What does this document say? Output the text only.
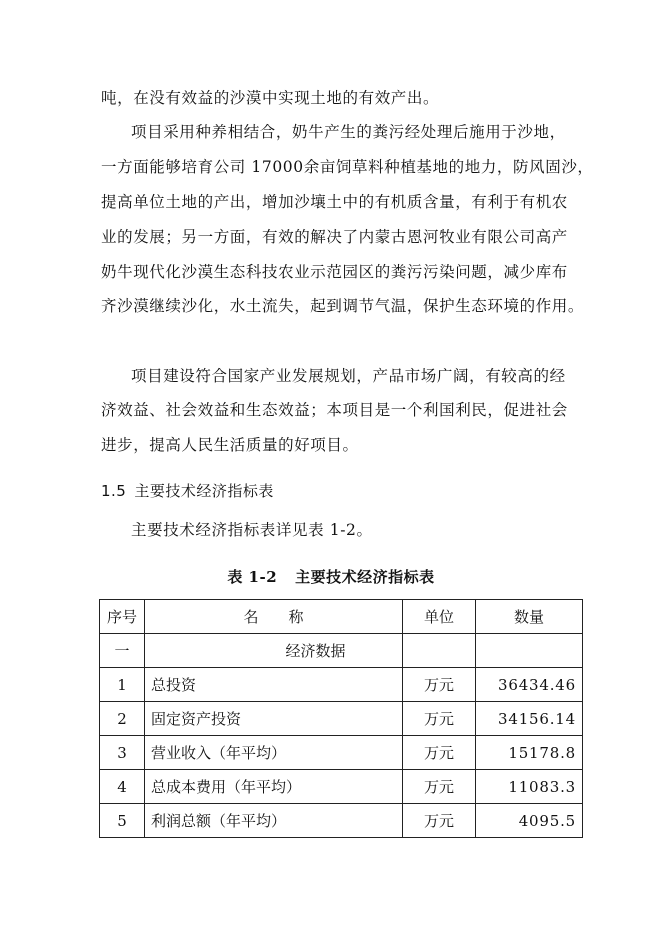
吨，在没有效益的沙漠中实现土地的有效产出。
项目采用种养相结合，奶牛产生的粪污经处理后施用于沙地，
一方面能够培育公司 17000余亩饲草料种植基地的地力，防风固沙，
提高单位土地的产出，增加沙壤土中的有机质含量，有利于有机农
业的发展；另一方面，有效的解决了内蒙古恩河牧业有限公司高产
奶牛现代化沙漠生态科技农业示范园区的粪污污染问题，减少库布
齐沙漠继续沙化，水土流失，起到调节气温，保护生态环境的作用。
项目建设符合国家产业发展规划，产品市场广阔，有较高的经
济效益、社会效益和生态效益；本项目是一个利国利民，促进社会
进步，提高人民生活质量的好项目。
1.5 主要技术经济指标表
主要技术经济指标表详见表 1-2。
表 1-2 主要技术经济指标表
序号	名　　称	单位	数量
一	经济数据		
1	总投资	万元	36434.46
2	固定资产投资	万元	34156.14
3	营业收入（年平均）	万元	15178.8
4	总成本费用（年平均）	万元	11083.3
5	利润总额（年平均）	万元	4095.5
